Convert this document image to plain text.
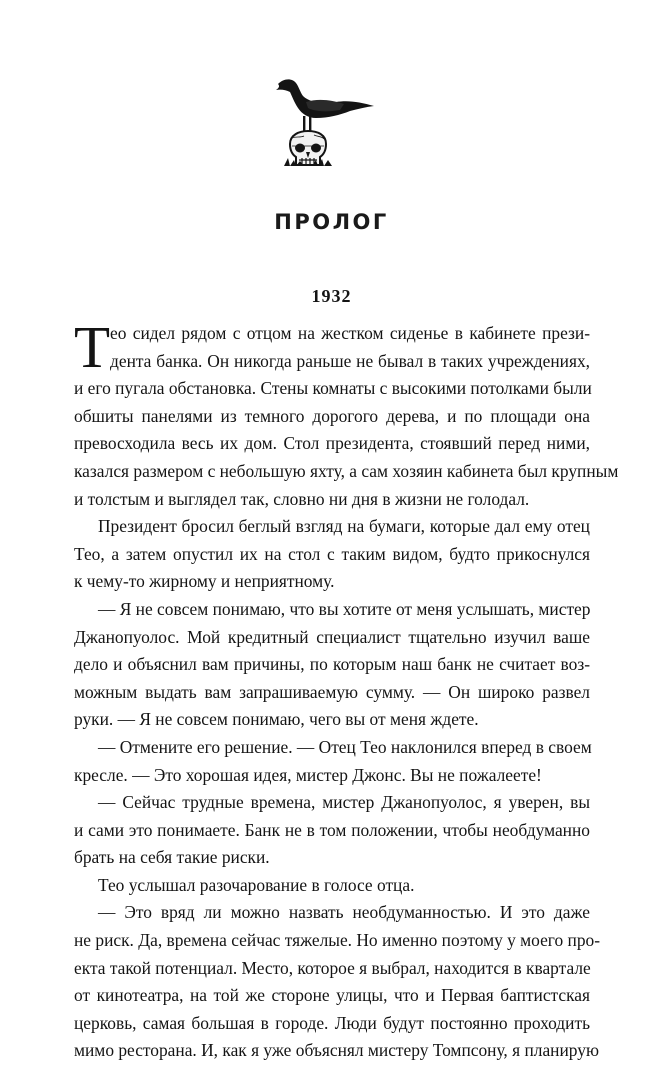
ПРОЛОГ
1932
Т ео сидел рядом с отцом на жестком сиденье в кабинете прези-
дента банка. Он никогда раньше не бывал в таких учреждениях,
и его пугала обстановка. Стены комнаты с высокими потолками были
обшиты панелями из темного дорогого дерева, и по площади она
превосходила весь их дом. Стол президента, стоявший перед ними,
казался размером с небольшую яхту, а сам хозяин кабинета был крупным
и толстым и выглядел так, словно ни дня в жизни не голодал.
Президент бросил беглый взгляд на бумаги, которые дал ему отец
Тео, а затем опустил их на стол с таким видом, будто прикоснулся
к чему-то жирному и неприятному.
— Я не совсем понимаю, что вы хотите от меня услышать, мистер
Джанопуолос. Мой кредитный специалист тщательно изучил ваше
дело и объяснил вам причины, по которым наш банк не считает воз-
можным выдать вам запрашиваемую сумму. — Он широко развел
руки. — Я не совсем понимаю, чего вы от меня ждете.
— Отмените его решение. — Отец Тео наклонился вперед в своем
кресле. — Это хорошая идея, мистер Джонс. Вы не пожалеете!
— Сейчас трудные времена, мистер Джанопуолос, я уверен, вы
и сами это понимаете. Банк не в том положении, чтобы необдуманно
брать на себя такие риски.
Тео услышал разочарование в голосе отца.
— Это вряд ли можно назвать необдуманностью. И это даже
не риск. Да, времена сейчас тяжелые. Но именно поэтому у моего про-
екта такой потенциал. Место, которое я выбрал, находится в квартале
от кинотеатра, на той же стороне улицы, что и Первая баптистская
церковь, самая большая в городе. Люди будут постоянно проходить
мимо ресторана. И, как я уже объяснял мистеру Томпсону, я планирую
